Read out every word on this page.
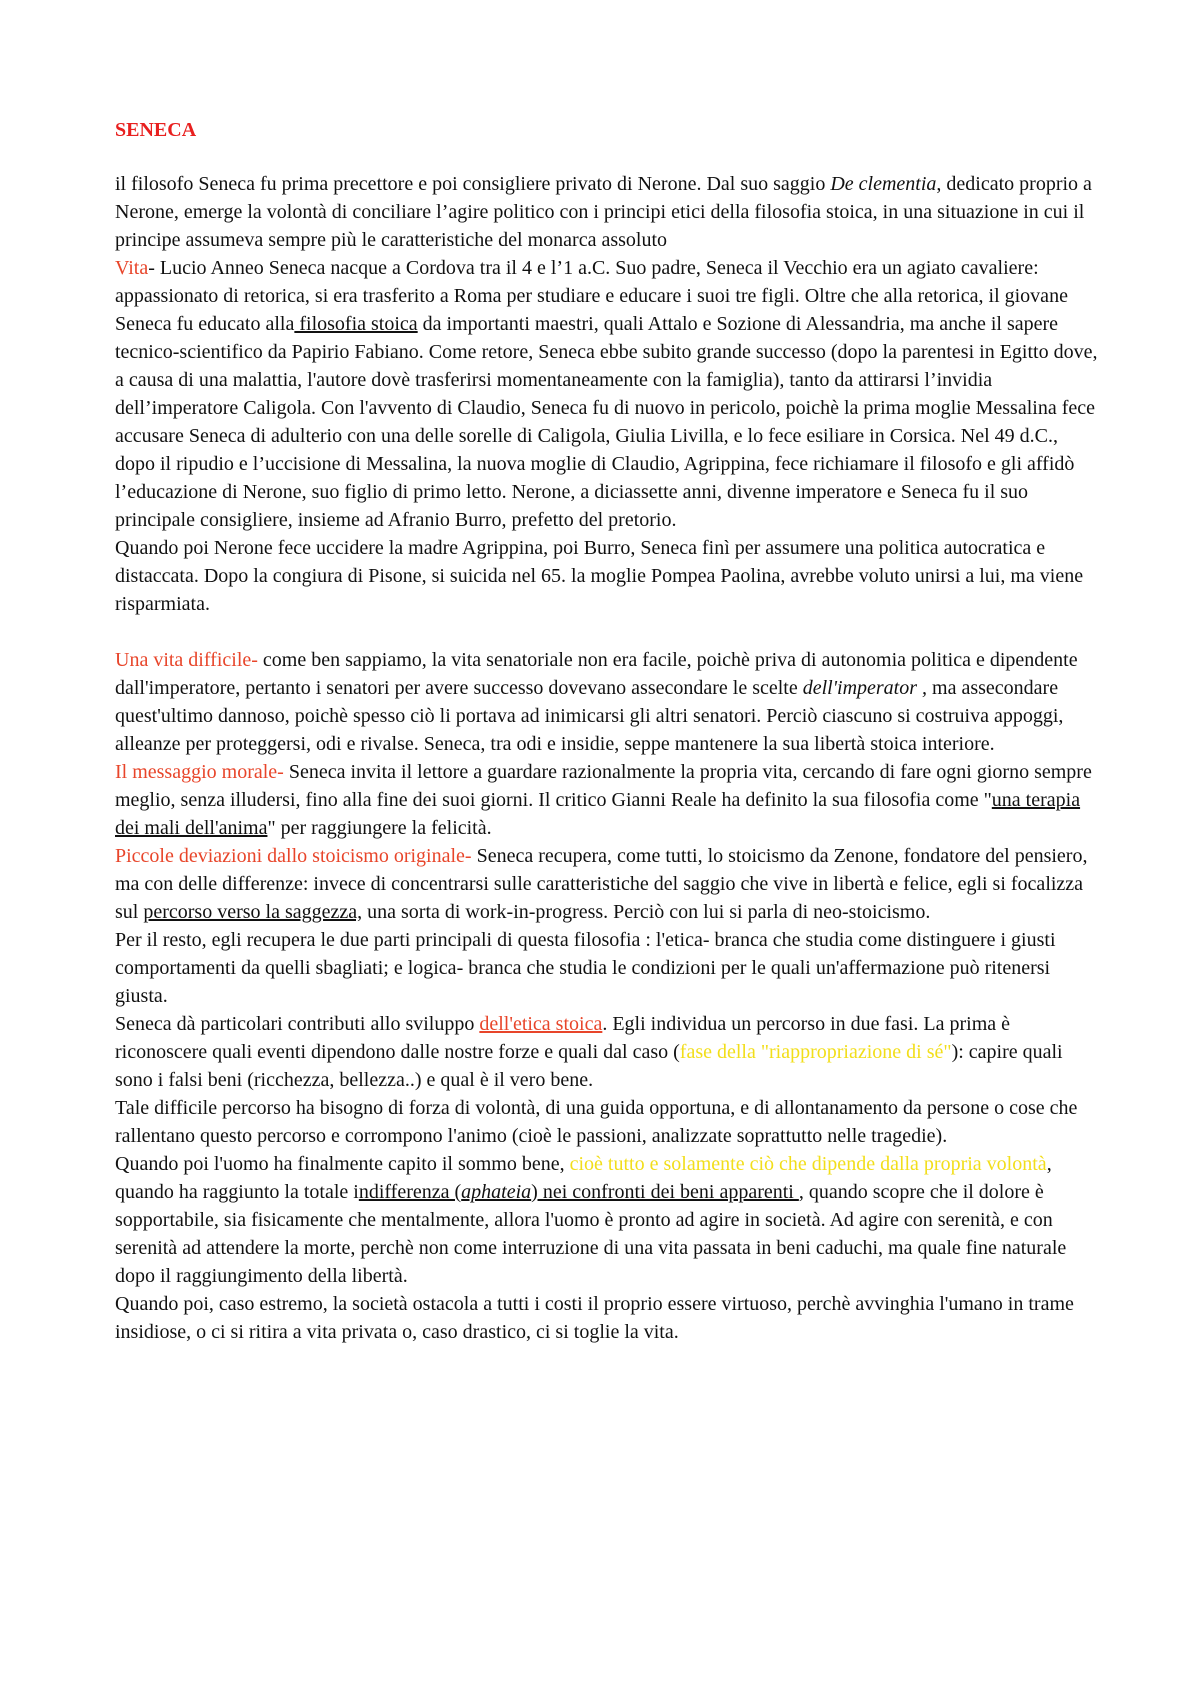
SENECA

il filosofo Seneca fu prima precettore e poi consigliere privato di Nerone. Dal suo saggio De clementia, dedicato proprio a Nerone, emerge la volontà di conciliare l’agire politico con i principi etici della filosofia stoica, in una situazione in cui il principe assumeva sempre più le caratteristiche del monarca assoluto

Vita- Lucio Anneo Seneca nacque a Cordova tra il 4 e l’1 a.C. Suo padre, Seneca il Vecchio era un agiato cavaliere: appassionato di retorica, si era trasferito a Roma per studiare e educare i suoi tre figli. Oltre che alla retorica, il giovane Seneca fu educato alla filosofia stoica da importanti maestri, quali Attalo e Sozione di Alessandria, ma anche il sapere tecnico-scientifico da Papirio Fabiano. Come retore, Seneca ebbe subito grande successo (dopo la parentesi in Egitto dove, a causa di una malattia, l'autore dovè trasferirsi momentaneamente con la famiglia), tanto da attirarsi l’invidia dell’imperatore Caligola. Con l'avvento di Claudio, Seneca fu di nuovo in pericolo, poichè la prima moglie Messalina fece accusare Seneca di adulterio con una delle sorelle di Caligola, Giulia Livilla, e lo fece esiliare in Corsica. Nel 49 d.C., dopo il ripudio e l’uccisione di Messalina, la nuova moglie di Claudio, Agrippina, fece richiamare il filosofo e gli affidò l’educazione di Nerone, suo figlio di primo letto. Nerone, a diciassette anni, divenne imperatore e Seneca fu il suo principale consigliere, insieme ad Afranio Burro, prefetto del pretorio.

Quando poi Nerone fece uccidere la madre Agrippina, poi Burro, Seneca finì per assumere una politica autocratica e distaccata. Dopo la congiura di Pisone, si suicida nel 65. la moglie Pompea Paolina, avrebbe voluto unirsi a lui, ma viene risparmiata.

Una vita difficile- come ben sappiamo, la vita senatoriale non era facile, poichè priva di autonomia politica e dipendente dall'imperatore, pertanto i senatori per avere successo dovevano assecondare le scelte dell'imperator , ma assecondare quest'ultimo dannoso, poichè spesso ciò li portava ad inimicarsi gli altri senatori. Perciò ciascuno si costruiva appoggi, alleanze per proteggersi, odi e rivalse. Seneca, tra odi e insidie, seppe mantenere la sua libertà stoica interiore.

Il messaggio morale- Seneca invita il lettore a guardare razionalmente la propria vita, cercando di fare ogni giorno sempre meglio, senza illudersi, fino alla fine dei suoi giorni. Il critico Gianni Reale ha definito la sua filosofia come "una terapia dei mali dell'anima" per raggiungere la felicità.

Piccole deviazioni dallo stoicismo originale- Seneca recupera, come tutti, lo stoicismo da Zenone, fondatore del pensiero, ma con delle differenze: invece di concentrarsi sulle caratteristiche del saggio che vive in libertà e felice, egli si focalizza sul percorso verso la saggezza, una sorta di work-in-progress. Perciò con lui si parla di neo-stoicismo.

Per il resto, egli recupera le due parti principali di questa filosofia : l'etica- branca che studia come distinguere i giusti comportamenti da quelli sbagliati; e logica- branca che studia le condizioni per le quali un'affermazione può ritenersi giusta.

Seneca dà particolari contributi allo sviluppo dell'etica stoica. Egli individua un percorso in due fasi. La prima è riconoscere quali eventi dipendono dalle nostre forze e quali dal caso (fase della "riappropriazione di sé"): capire quali sono i falsi beni (ricchezza, bellezza..) e qual è il vero bene.

Tale difficile percorso ha bisogno di forza di volontà, di una guida opportuna, e di allontanamento da persone o cose che rallentano questo percorso e corrompono l'animo (cioè le passioni, analizzate soprattutto nelle tragedie).

Quando poi l'uomo ha finalmente capito il sommo bene, cioè tutto e solamente ciò che dipende dalla propria volontà, quando ha raggiunto la totale indifferenza (aphateia) nei confronti dei beni apparenti , quando scopre che il dolore è sopportabile, sia fisicamente che mentalmente, allora l'uomo è pronto ad agire in società. Ad agire con serenità, e con serenità ad attendere la morte, perchè non come interruzione di una vita passata in beni caduchi, ma quale fine naturale dopo il raggiungimento della libertà.

Quando poi, caso estremo, la società ostacola a tutti i costi il proprio essere virtuoso, perchè avvinghia l'umano in trame insidiose, o ci si ritira a vita privata o, caso drastico, ci si toglie la vita.
